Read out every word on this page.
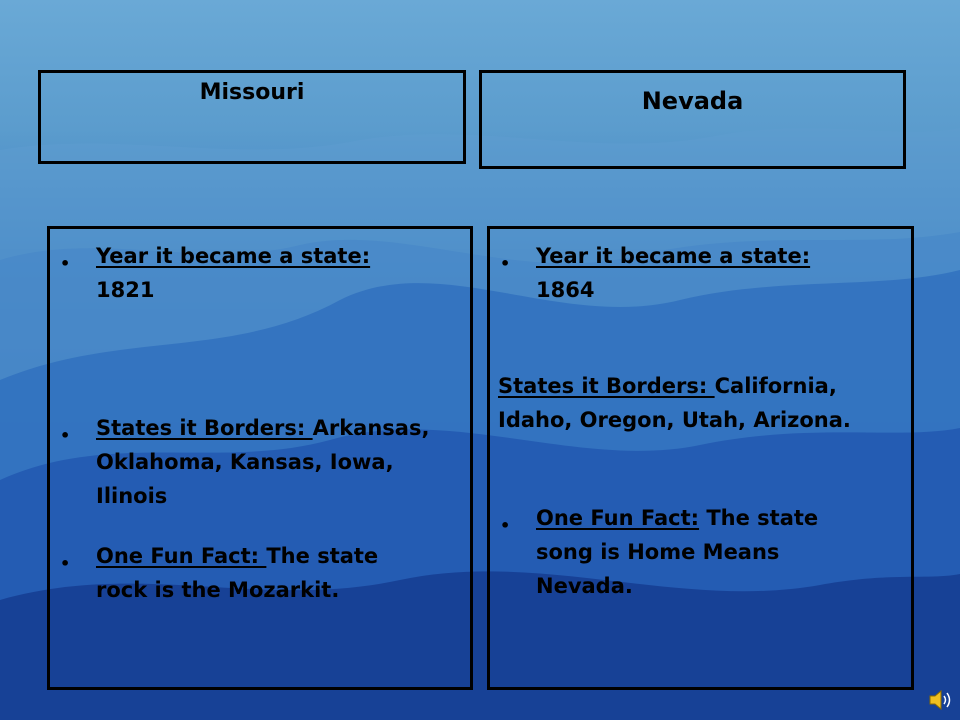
Missouri	Nevada
• Year it became a state:
1821
• States it Borders: Arkansas,
Oklahoma, Kansas, Iowa,
Ilinois
• One Fun Fact: The state
rock is the Mozarkit.
• Year it became a state:
1864
States it Borders: California,
Idaho, Oregon, Utah, Arizona.
• One Fun Fact: The state
song is Home Means
Nevada.
